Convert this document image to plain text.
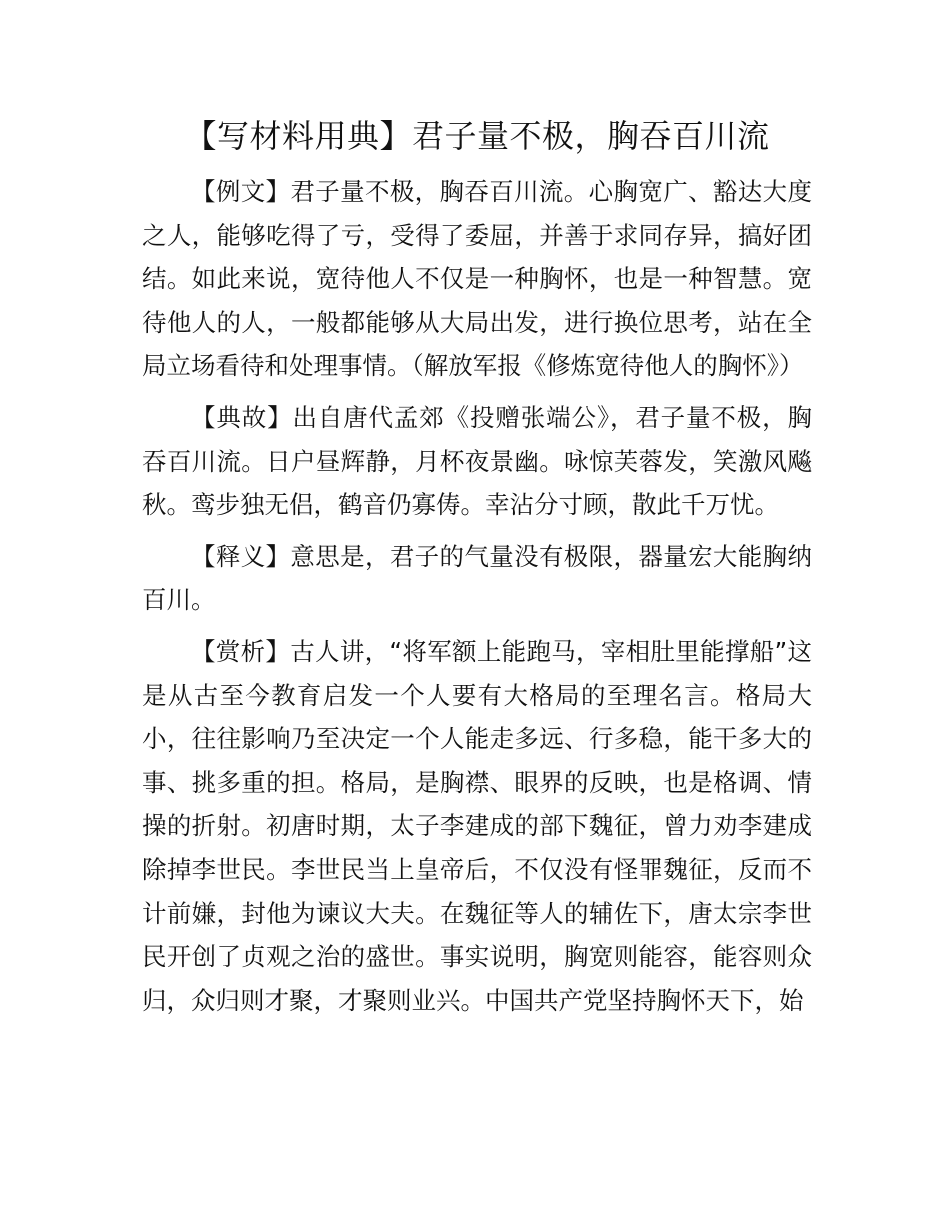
【写材料用典】君子量不极，胸吞百川流

【例文】君子量不极，胸吞百川流。心胸宽广、豁达大度之人，能够吃得了亏，受得了委屈，并善于求同存异，搞好团结。如此来说，宽待他人不仅是一种胸怀，也是一种智慧。宽待他人的人，一般都能够从大局出发，进行换位思考，站在全局立场看待和处理事情。（解放军报《修炼宽待他人的胸怀》）

【典故】出自唐代孟郊《投赠张端公》，君子量不极，胸吞百川流。日户昼辉静，月杯夜景幽。咏惊芙蓉发，笑激风飚秋。鸾步独无侣，鹤音仍寡俦。幸沾分寸顾，散此千万忧。

【释义】意思是，君子的气量没有极限，器量宏大能胸纳百川。

【赏析】古人讲，“将军额上能跑马，宰相肚里能撑船”这是从古至今教育启发一个人要有大格局的至理名言。格局大小，往往影响乃至决定一个人能走多远、行多稳，能干多大的事、挑多重的担。格局，是胸襟、眼界的反映，也是格调、情操的折射。初唐时期，太子李建成的部下魏征，曾力劝李建成除掉李世民。李世民当上皇帝后，不仅没有怪罪魏征，反而不计前嫌，封他为谏议大夫。在魏征等人的辅佐下，唐太宗李世民开创了贞观之治的盛世。事实说明，胸宽则能容，能容则众归，众归则才聚，才聚则业兴。中国共产党坚持胸怀天下，始
